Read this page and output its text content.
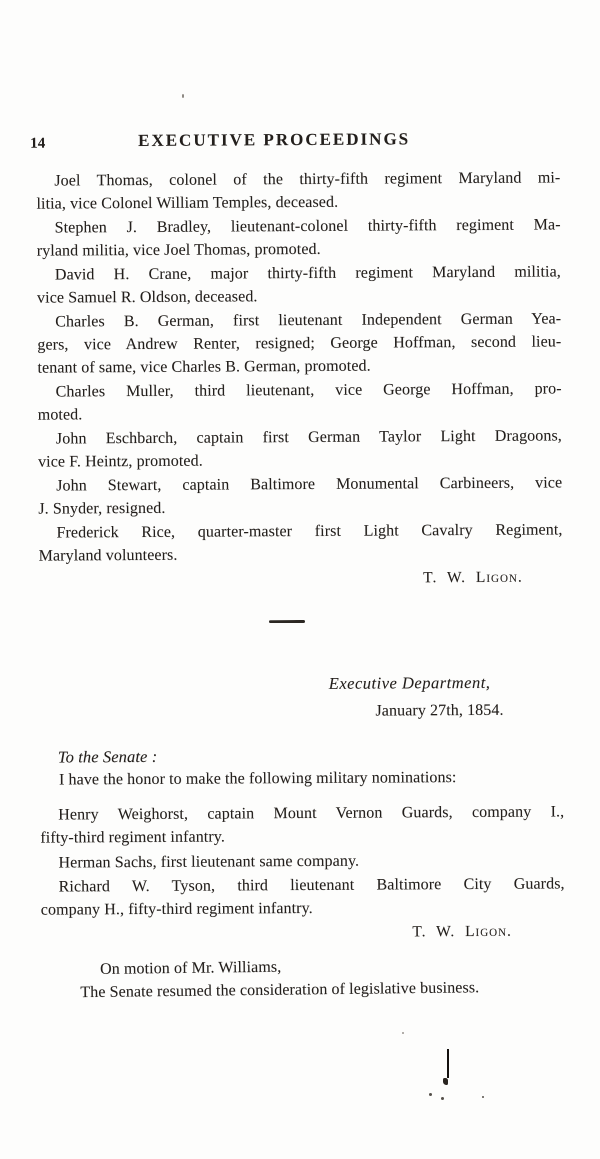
14	EXECUTIVE PROCEEDINGS
Joel Thomas, colonel of the thirty-fifth regiment Maryland mi-
litia, vice Colonel William Temples, deceased.
Stephen J. Bradley, lieutenant-colonel thirty-fifth regiment Ma-
ryland militia, vice Joel Thomas, promoted.
David H. Crane, major thirty-fifth regiment Maryland militia,
vice Samuel R. Oldson, deceased.
Charles B. German, first lieutenant Independent German Yea-
gers, vice Andrew Renter, resigned; George Hoffman, second lieu-
tenant of same, vice Charles B. German, promoted.
Charles Muller, third lieutenant, vice George Hoffman, pro-
moted.
John Eschbarch, captain first German Taylor Light Dragoons,
vice F. Heintz, promoted.
John Stewart, captain Baltimore Monumental Carbineers, vice
J. Snyder, resigned.
Frederick Rice, quarter-master first Light Cavalry Regiment,
Maryland volunteers.
T. W. Ligon.
Executive Department,
January 27th, 1854.
To the Senate :
I have the honor to make the following military nominations:
Henry Weighorst, captain Mount Vernon Guards, company I.,
fifty-third regiment infantry.
Herman Sachs, first lieutenant same company.
Richard W. Tyson, third lieutenant Baltimore City Guards,
company H., fifty-third regiment infantry.
T. W. Ligon.
On motion of Mr. Williams,
The Senate resumed the consideration of legislative business.
